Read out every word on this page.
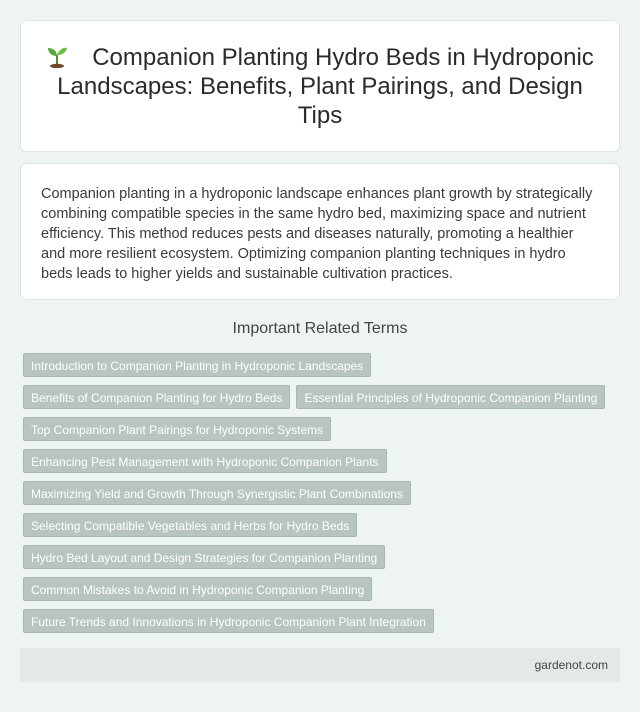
Companion Planting Hydro Beds in Hydroponic Landscapes: Benefits, Plant Pairings, and Design Tips

Companion planting in a hydroponic landscape enhances plant growth by strategically combining compatible species in the same hydro bed, maximizing space and nutrient efficiency. This method reduces pests and diseases naturally, promoting a healthier and more resilient ecosystem. Optimizing companion planting techniques in hydro beds leads to higher yields and sustainable cultivation practices.

Important Related Terms
Introduction to Companion Planting in Hydroponic Landscapes
Benefits of Companion Planting for Hydro Beds	Essential Principles of Hydroponic Companion Planting
Top Companion Plant Pairings for Hydroponic Systems
Enhancing Pest Management with Hydroponic Companion Plants
Maximizing Yield and Growth Through Synergistic Plant Combinations
Selecting Compatible Vegetables and Herbs for Hydro Beds
Hydro Bed Layout and Design Strategies for Companion Planting
Common Mistakes to Avoid in Hydroponic Companion Planting
Future Trends and Innovations in Hydroponic Companion Plant Integration
gardenot.com
